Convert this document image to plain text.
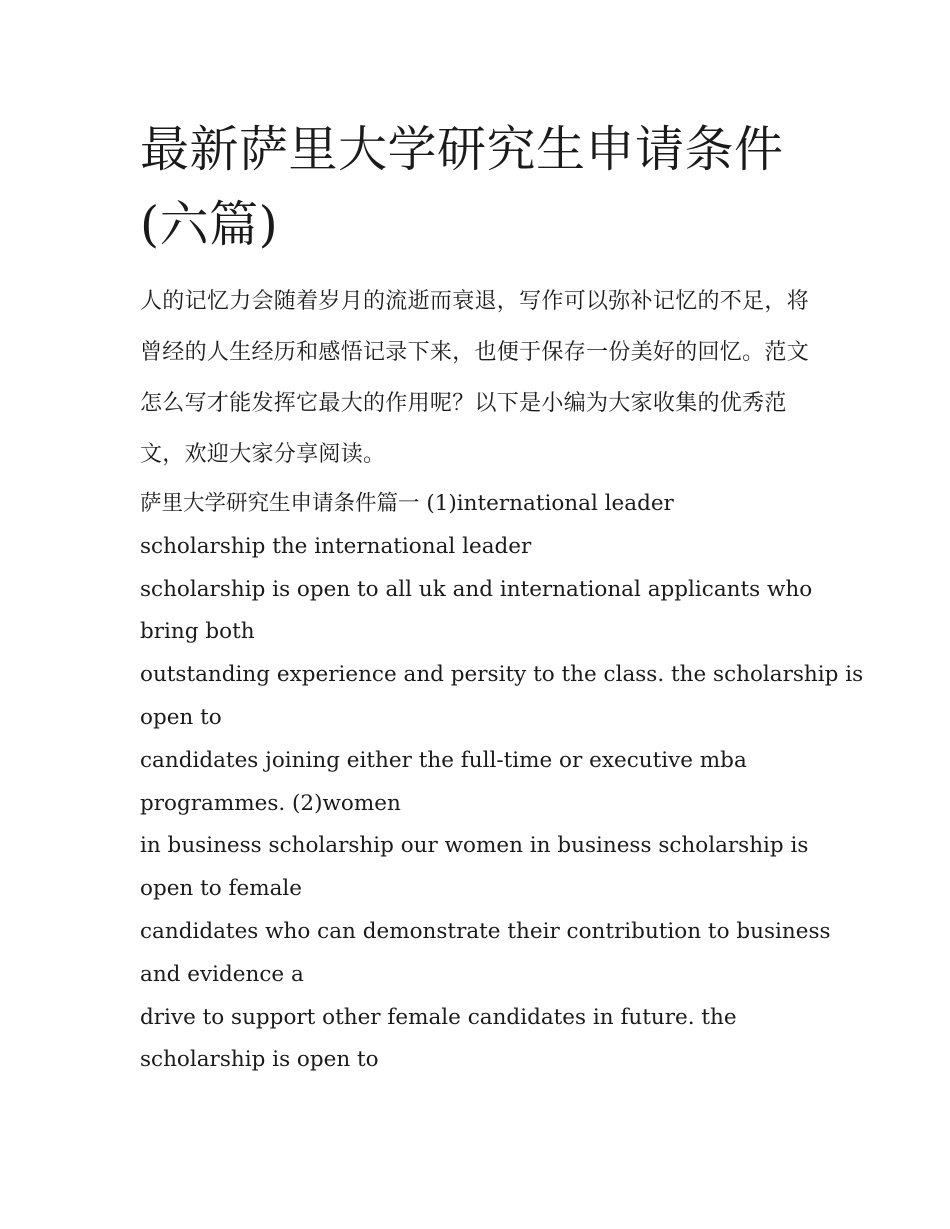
最新萨里大学研究生申请条件(六篇)

人的记忆力会随着岁月的流逝而衰退，写作可以弥补记忆的不足，将曾经的人生经历和感悟记录下来，也便于保存一份美好的回忆。范文怎么写才能发挥它最大的作用呢？以下是小编为大家收集的优秀范文，欢迎大家分享阅读。

萨里大学研究生申请条件篇一 (1)international leader
scholarship the international leader
scholarship is open to all uk and international applicants who
bring both
outstanding experience and persity to the class. the scholarship is
open to
candidates joining either the full-time or executive mba
programmes. (2)women
in business scholarship our women in business scholarship is
open to female
candidates who can demonstrate their contribution to business
and evidence a
drive to support other female candidates in future. the
scholarship is open to
